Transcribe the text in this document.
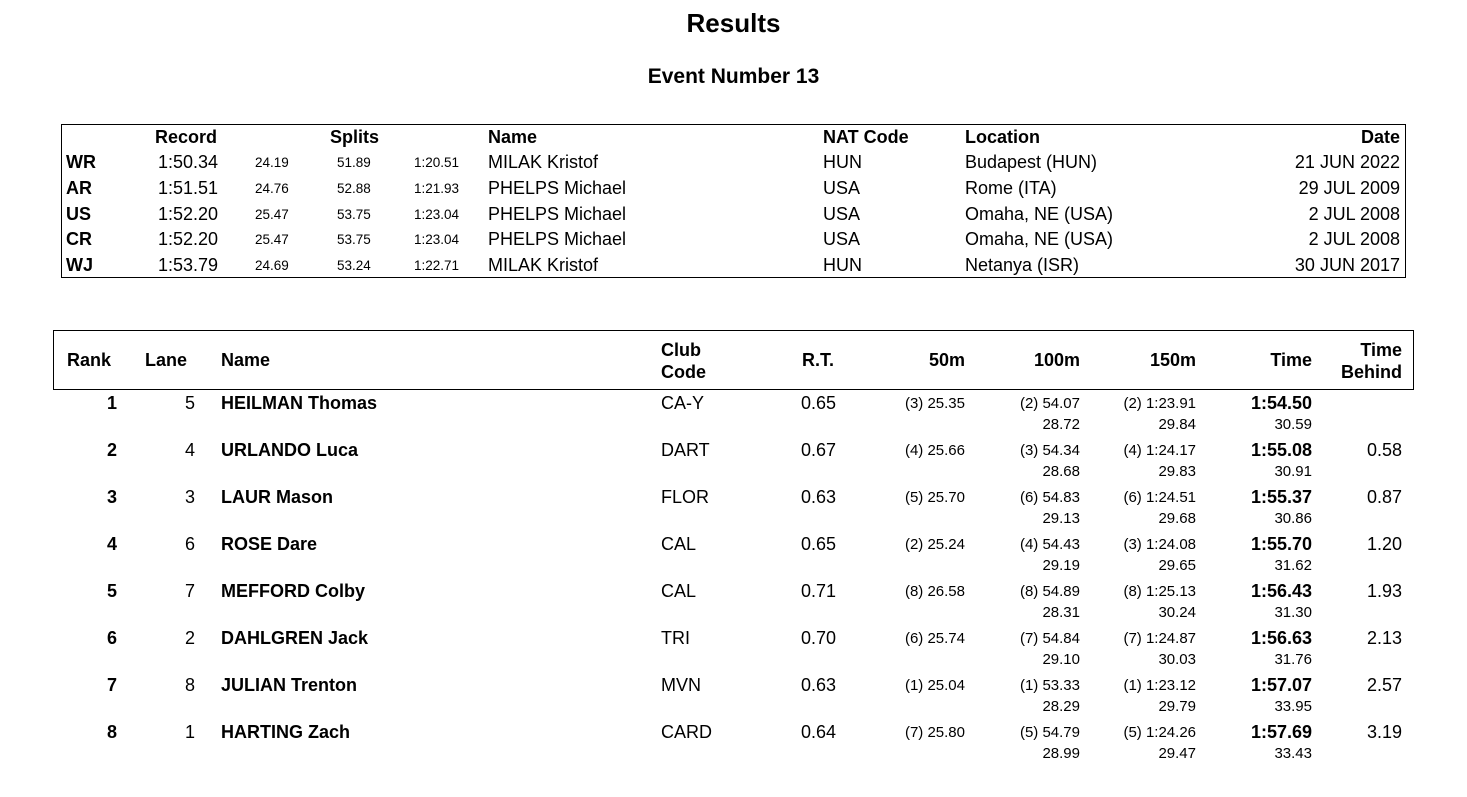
Results
Event Number 13
Record	Splits	Name	NAT Code	Location	Date
WR	1:50.34	24.19	51.89	1:20.51 MILAK Kristof	HUN	Budapest (HUN)	21 JUN 2022
AR	1:51.51	24.76	52.88	1:21.93 PHELPS Michael	USA	Rome (ITA)	29 JUL 2009
US	1:52.20	25.47	53.75	1:23.04 PHELPS Michael	USA	Omaha, NE (USA)	2 JUL 2008
CR	1:52.20	25.47	53.75	1:23.04 PHELPS Michael	USA	Omaha, NE (USA)	2 JUL 2008
WJ	1:53.79	24.69	53.24	1:22.71 MILAK Kristof	HUN	Netanya (ISR)	30 JUN 2017
Rank Lane Name	Club
Code
R.T.	50m	100m	150m	Time	Time
Behind
1	5 HEILMAN Thomas	CA-Y	0.65	(3) 25.35	(2) 54.07	(2) 1:23.91	1:54.50
28.72	29.84	30.59
2	4 URLANDO Luca	DART	0.67	(4) 25.66	(3) 54.34	(4) 1:24.17	1:55.08	0.58
28.68	29.83	30.91
3	3 LAUR Mason	FLOR	0.63	(5) 25.70	(6) 54.83	(6) 1:24.51	1:55.37	0.87
29.13	29.68	30.86
4	6 ROSE Dare	CAL	0.65	(2) 25.24	(4) 54.43	(3) 1:24.08	1:55.70	1.20
29.19	29.65	31.62
5	7 MEFFORD Colby	CAL	0.71	(8) 26.58	(8) 54.89	(8) 1:25.13	1:56.43	1.93
28.31	30.24	31.30
6	2 DAHLGREN Jack	TRI	0.70	(6) 25.74	(7) 54.84	(7) 1:24.87	1:56.63	2.13
29.10	30.03	31.76
7	8 JULIAN Trenton	MVN	0.63	(1) 25.04	(1) 53.33	(1) 1:23.12	1:57.07	2.57
28.29	29.79	33.95
8	1 HARTING Zach	CARD	0.64	(7) 25.80	(5) 54.79	(5) 1:24.26	1:57.69	3.19
28.99	29.47	33.43
